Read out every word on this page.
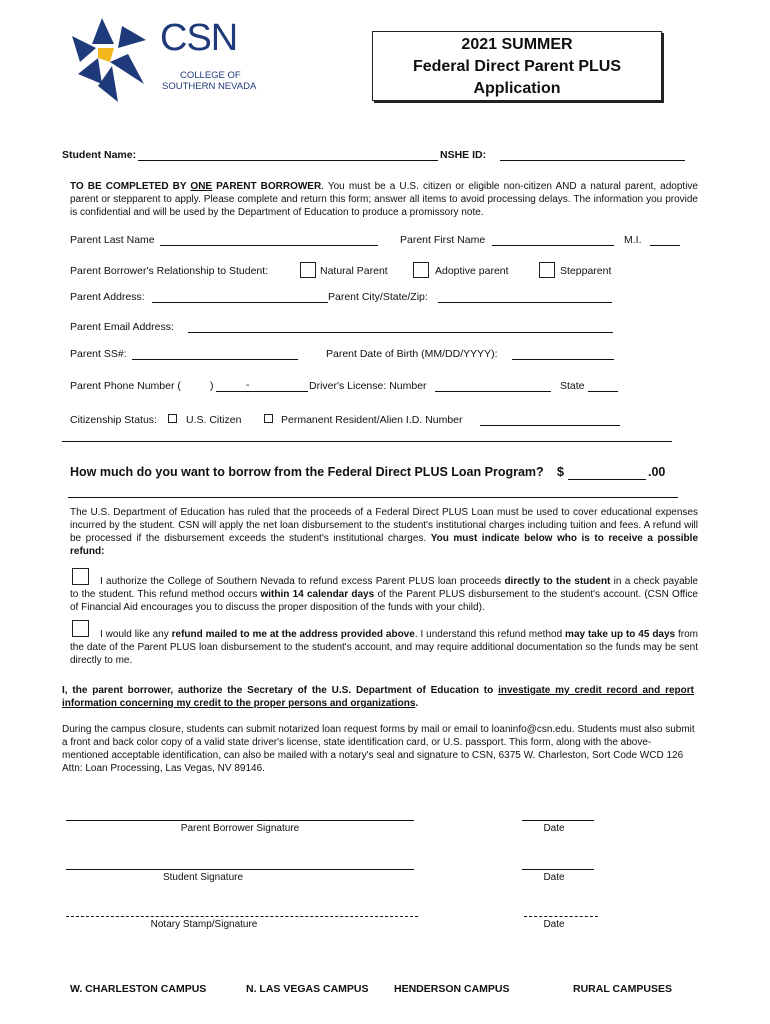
CSN
COLLEGE OF
SOUTHERN NEVADA
2021 SUMMER
Federal Direct Parent PLUS
Application
Student Name:	NSHE ID:
TO BE COMPLETED BY ONE PARENT BORROWER. You must be a U.S. citizen or eligible non-citizen AND a natural parent, adoptive parent or stepparent to apply. Please complete and return this form; answer all items to avoid processing delays. The information you provide is confidential and will be used by the Department of Education to produce a promissory note.
Parent Last Name	Parent First Name	M.I.
Parent Borrower's Relationship to Student:	Natural Parent	Adoptive parent	Stepparent
Parent Address:	Parent City/State/Zip:
Parent Email Address:
Parent SS#:	Parent Date of Birth (MM/DD/YYYY):
Parent Phone Number (	)	-	Driver's License: Number	State
Citizenship Status:	U.S. Citizen	Permanent Resident/Alien I.D. Number
How much do you want to borrow from the Federal Direct PLUS Loan Program? $	.00
The U.S. Department of Education has ruled that the proceeds of a Federal Direct PLUS Loan must be used to cover educational expenses incurred by the student. CSN will apply the net loan disbursement to the student's institutional charges including tuition and fees. A refund will be processed if the disbursement exceeds the student's institutional charges. You must indicate below who is to receive a possible refund:
I authorize the College of Southern Nevada to refund excess Parent PLUS loan proceeds directly to the student in a check payable to the student. This refund method occurs within 14 calendar days of the Parent PLUS disbursement to the student's account. (CSN Office of Financial Aid encourages you to discuss the proper disposition of the funds with your child).
I would like any refund mailed to me at the address provided above. I understand this refund method may take up to 45 days from the date of the Parent PLUS loan disbursement to the student's account, and may require additional documentation so the funds may be sent directly to me.
I, the parent borrower, authorize the Secretary of the U.S. Department of Education to investigate my credit record and report information concerning my credit to the proper persons and organizations.
During the campus closure, students can submit notarized loan request forms by mail or email to loaninfo@csn.edu. Students must also submit a front and back color copy of a valid state driver's license, state identification card, or U.S. passport. This form, along with the above-mentioned acceptable identification, can also be mailed with a notary's seal and signature to CSN, 6375 W. Charleston, Sort Code WCD 126 Attn: Loan Processing, Las Vegas, NV 89146.
Parent Borrower Signature	Date
Student Signature	Date
Notary Stamp/Signature	Date
W. CHARLESTON CAMPUS	N. LAS VEGAS CAMPUS HENDERSON CAMPUS	RURAL CAMPUSES
